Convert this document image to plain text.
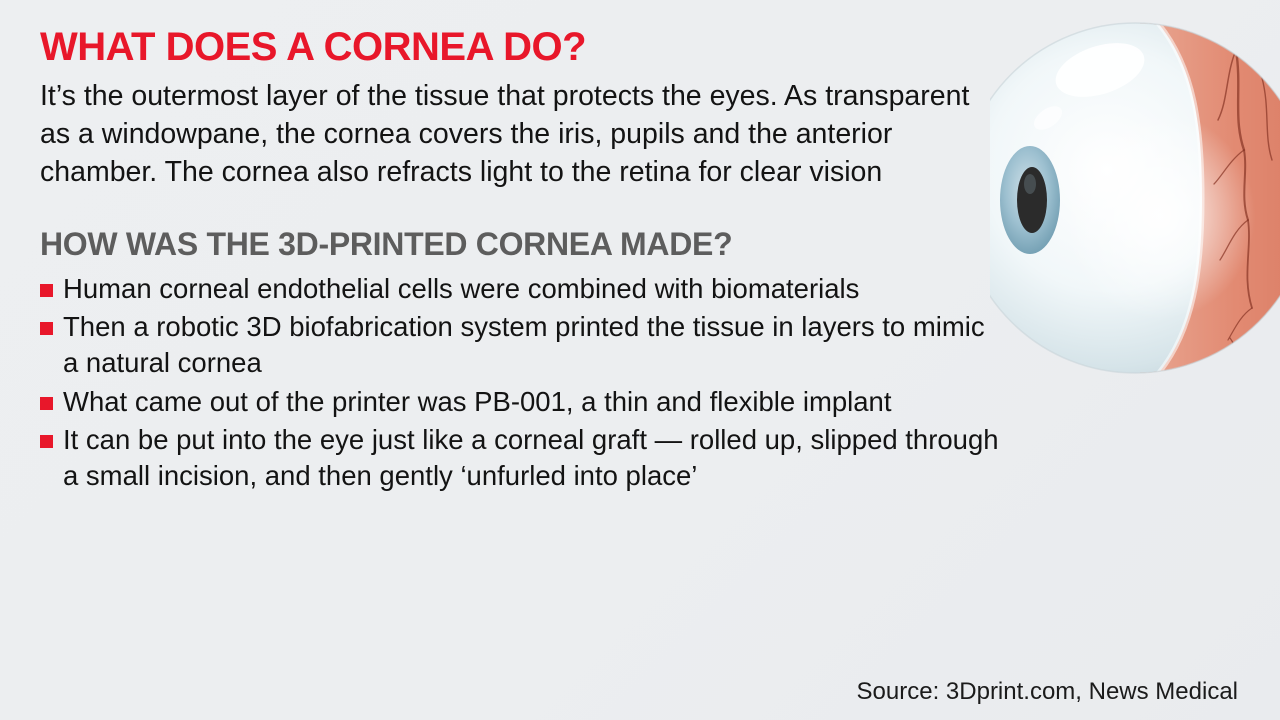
WHAT DOES A CORNEA DO?

It’s the outermost layer of the tissue that protects the eyes. As transparent as a windowpane, the cornea covers the iris, pupils and the anterior chamber. The cornea also refracts light to the retina for clear vision

HOW WAS THE 3D-PRINTED CORNEA MADE?
Human corneal endothelial cells were combined with biomaterials
Then a robotic 3D biofabrication system printed the tissue in layers to mimic a natural cornea
What came out of the printer was PB-001, a thin and flexible implant
It can be put into the eye just like a corneal graft — rolled up, slipped through a small incision, and then gently ‘unfurled into place’
Source: 3Dprint.com, News Medical
